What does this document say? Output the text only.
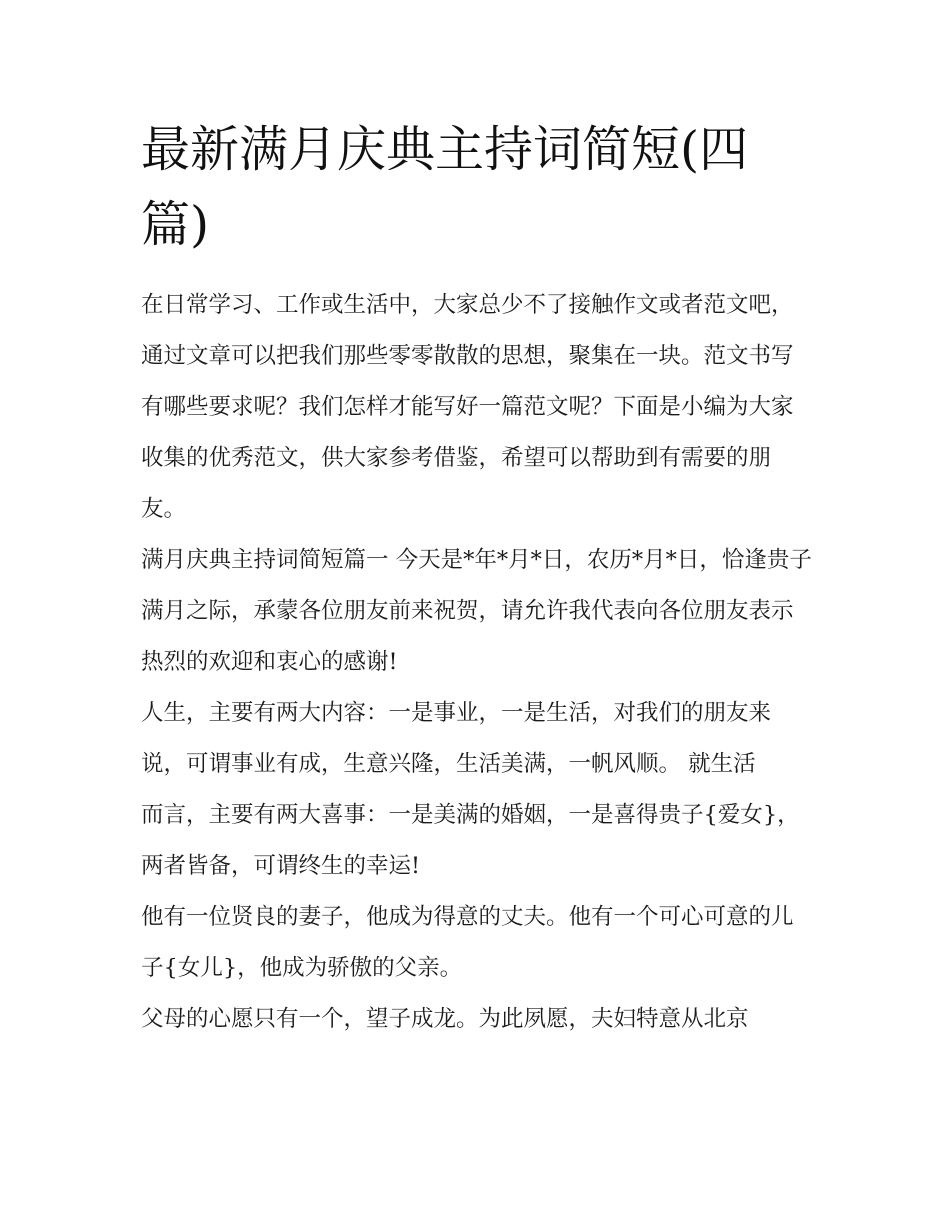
最新满月庆典主持词简短(四篇)

在日常学习、工作或生活中，大家总少不了接触作文或者范文吧，通过文章可以把我们那些零零散散的思想，聚集在一块。范文书写有哪些要求呢？我们怎样才能写好一篇范文呢？下面是小编为大家收集的优秀范文，供大家参考借鉴，希望可以帮助到有需要的朋友。

满月庆典主持词简短篇一 今天是*年*月*日，农历*月*日，恰逢贵子满月之际，承蒙各位朋友前来祝贺，请允许我代表向各位朋友表示热烈的欢迎和衷心的感谢!

人生，主要有两大内容：一是事业，一是生活，对我们的朋友来说，可谓事业有成，生意兴隆，生活美满，一帆风顺。 就生活

而言，主要有两大喜事：一是美满的婚姻，一是喜得贵子{爱女}，两者皆备，可谓终生的幸运!

他有一位贤良的妻子，他成为得意的丈夫。他有一个可心可意的儿子{女儿}，他成为骄傲的父亲。

父母的心愿只有一个，望子成龙。为此夙愿，夫妇特意从北京
